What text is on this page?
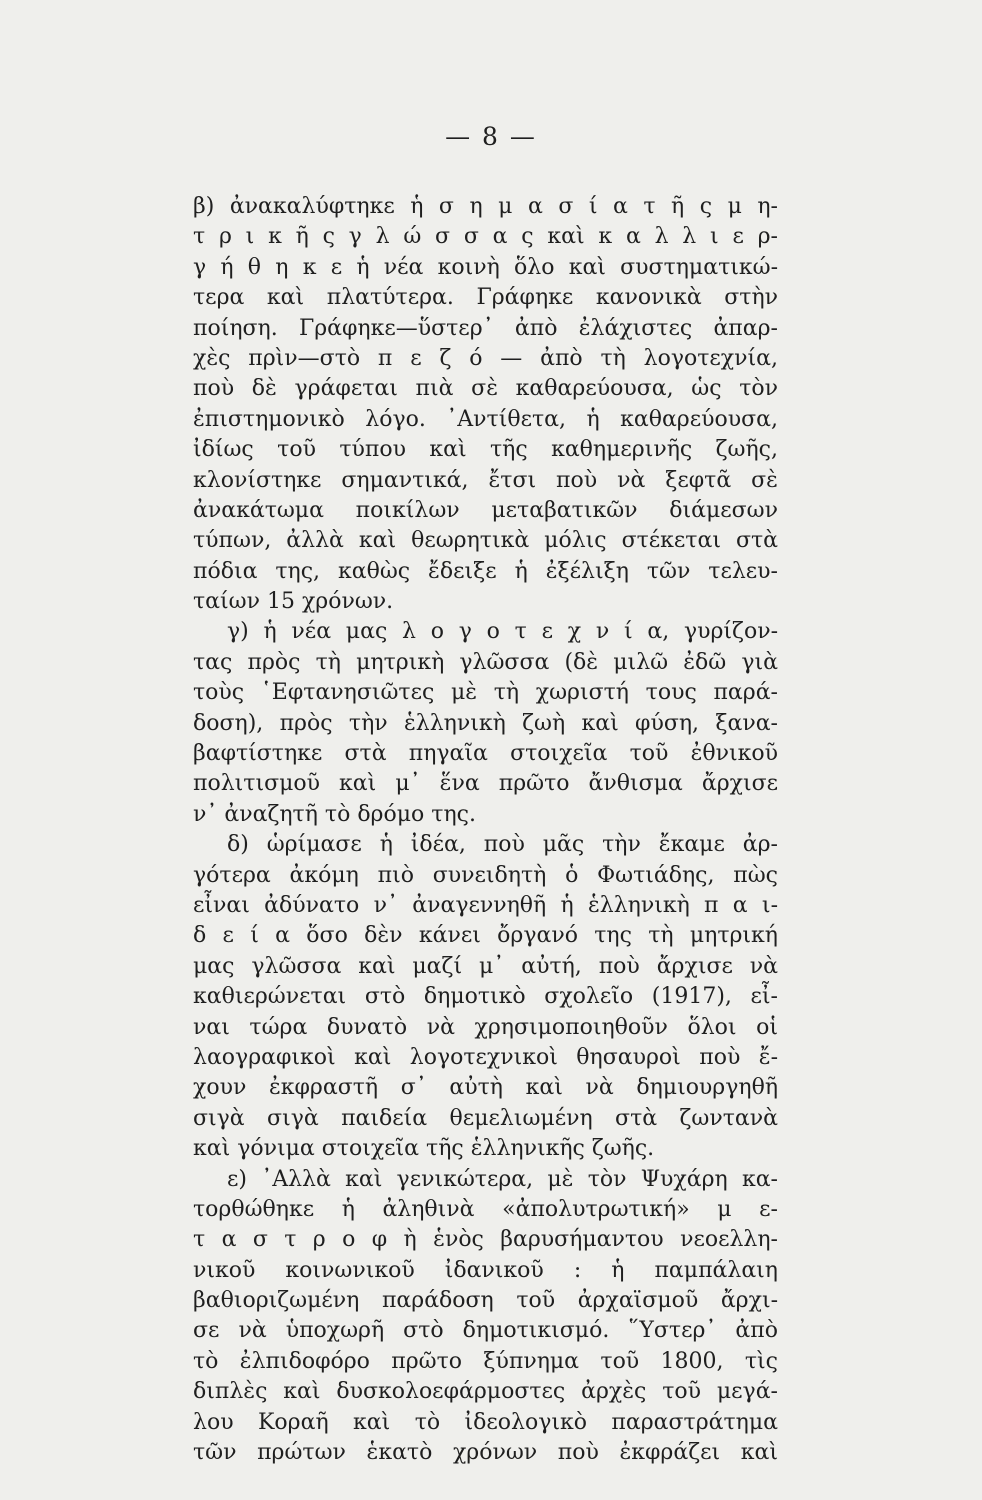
— 8 —
β) ἀνακαλύφτηκε ἡ σ η μ α σ ί α τ ῆ ς μ η-
τ ρ ι κ ῆ ς γ λ ώ σ σ α ς καὶ κ α λ λ ι ε ρ-
γ ή θ η κ ε ἡ νέα κοινὴ ὅλο καὶ συστηματικώ-
τερα καὶ πλατύτερα. Γράφηκε κανονικὰ στὴν
ποίηση. Γράφηκε—ὕστερ᾽ ἀπὸ ἐλάχιστες ἀπαρ-
χὲς πρὶν—στὸ π ε ζ ό — ἀπὸ τὴ λογοτεχνία,
ποὺ δὲ γράφεται πιὰ σὲ καθαρεύουσα, ὡς τὸν
ἐπιστημονικὸ λόγο. ᾽Αντίθετα, ἡ καθαρεύουσα,
ἰδίως τοῦ τύπου καὶ τῆς καθημερινῆς ζωῆς,
κλονίστηκε σημαντικά, ἔτσι ποὺ νὰ ξεφτᾶ σὲ
ἀνακάτωμα ποικίλων μεταβατικῶν διάμεσων
τύπων, ἀλλὰ καὶ θεωρητικὰ μόλις στέκεται στὰ
πόδια της, καθὼς ἔδειξε ἡ ἐξέλιξη τῶν τελευ-
ταίων 15 χρόνων.
γ) ἡ νέα μας λ ο γ ο τ ε χ ν ί α, γυρίζον-
τας πρὸς τὴ μητρικὴ γλῶσσα (δὲ μιλῶ ἐδῶ γιὰ
τοὺς ῾Εφτανησιῶτες μὲ τὴ χωριστή τους παρά-
δοση), πρὸς τὴν ἑλληνικὴ ζωὴ καὶ φύση, ξανα-
βαφτίστηκε στὰ πηγαῖα στοιχεῖα τοῦ ἐθνικοῦ
πολιτισμοῦ καὶ μ᾽ ἕνα πρῶτο ἄνθισμα ἄρχισε
ν᾽ ἀναζητῆ τὸ δρόμο της.
δ) ὡρίμασε ἡ ἰδέα, ποὺ μᾶς τὴν ἔκαμε ἀρ-
γότερα ἀκόμη πιὸ συνειδητὴ ὁ Φωτιάδης, πὼς
εἶναι ἀδύνατο ν᾽ ἀναγεννηθῆ ἡ ἑλληνικὴ π α ι-
δ ε ί α ὅσο δὲν κάνει ὄργανό της τὴ μητρική
μας γλῶσσα καὶ μαζί μ᾽ αὐτή, ποὺ ἄρχισε νὰ
καθιερώνεται στὸ δημοτικὸ σχολεῖο (1917), εἶ-
ναι τώρα δυνατὸ νὰ χρησιμοποιηθοῦν ὅλοι οἱ
λαογραφικοὶ καὶ λογοτεχνικοὶ θησαυροὶ ποὺ ἔ-
χουν ἐκφραστῆ σ᾽ αὐτὴ καὶ νὰ δημιουργηθῆ
σιγὰ σιγὰ παιδεία θεμελιωμένη στὰ ζωντανὰ
καὶ γόνιμα στοιχεῖα τῆς ἑλληνικῆς ζωῆς.
ε) ᾽Αλλὰ καὶ γενικώτερα, μὲ τὸν Ψυχάρη κα-
τορθώθηκε ἡ ἀληθινὰ «ἀπολυτρωτική» μ ε-
τ α σ τ ρ ο φ ὴ ἑνὸς βαρυσήμαντου νεοελλη-
νικοῦ κοινωνικοῦ ἰδανικοῦ : ἡ παμπάλαιη
βαθιοριζωμένη παράδοση τοῦ ἀρχαϊσμοῦ ἄρχι-
σε νὰ ὑποχωρῆ στὸ δημοτικισμό. ῞Υστερ᾽ ἀπὸ
τὸ ἐλπιδοφόρο πρῶτο ξύπνημα τοῦ 1800, τὶς
διπλὲς καὶ δυσκολοεφάρμοστες ἀρχὲς τοῦ μεγά-
λου Κοραῆ καὶ τὸ ἰδεολογικὸ παραστράτημα
τῶν πρώτων ἑκατὸ χρόνων ποὺ ἐκφράζει καὶ
